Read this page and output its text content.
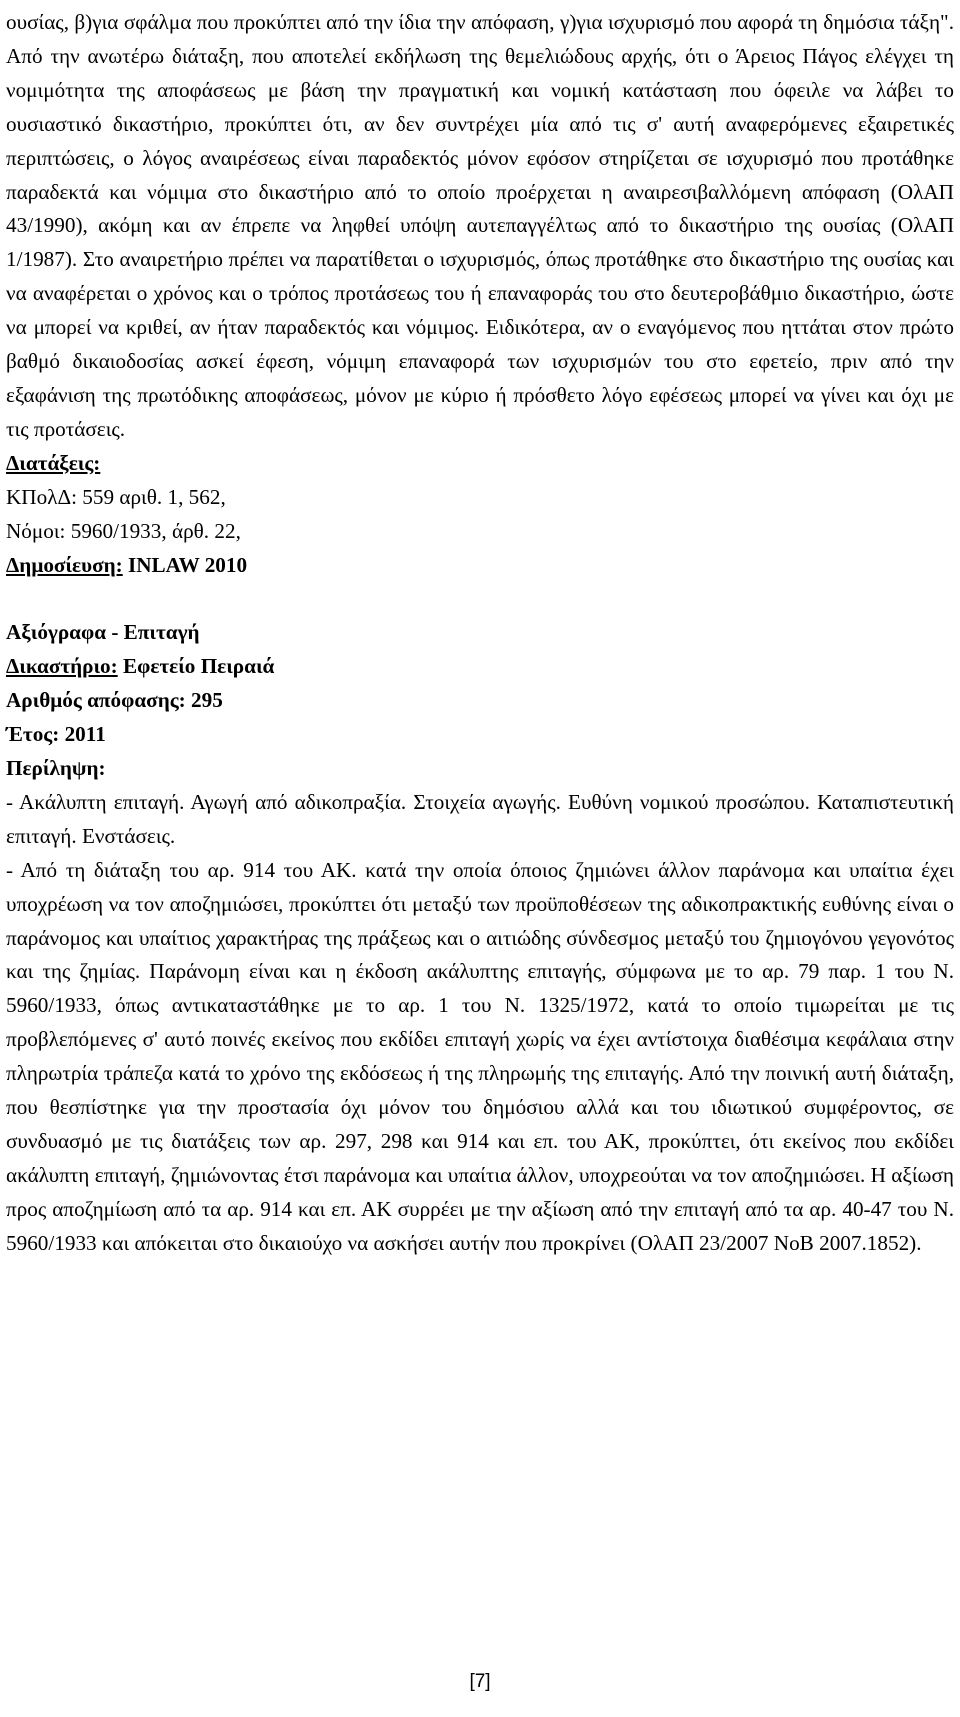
ουσίας, β)για σφάλμα που προκύπτει από την ίδια την απόφαση, γ)για ισχυρισμό που αφορά τη δημόσια τάξη". Από την ανωτέρω διάταξη, που αποτελεί εκδήλωση της θεμελιώδους αρχής, ότι ο Άρειος Πάγος ελέγχει τη νομιμότητα της αποφάσεως με βάση την πραγματική και νομική κατάσταση που όφειλε να λάβει το ουσιαστικό δικαστήριο, προκύπτει ότι, αν δεν συντρέχει μία από τις σ' αυτή αναφερόμενες εξαιρετικές περιπτώσεις, ο λόγος αναιρέσεως είναι παραδεκτός μόνον εφόσον στηρίζεται σε ισχυρισμό που προτάθηκε παραδεκτά και νόμιμα στο δικαστήριο από το οποίο προέρχεται η αναιρεσιβαλλόμενη απόφαση (ΟλΑΠ 43/1990), ακόμη και αν έπρεπε να ληφθεί υπόψη αυτεπαγγέλτως από το δικαστήριο της ουσίας (ΟλΑΠ 1/1987). Στο αναιρετήριο πρέπει να παρατίθεται ο ισχυρισμός, όπως προτάθηκε στο δικαστήριο της ουσίας και να αναφέρεται ο χρόνος και ο τρόπος προτάσεως του ή επαναφοράς του στο δευτεροβάθμιο δικαστήριο, ώστε να μπορεί να κριθεί, αν ήταν παραδεκτός και νόμιμος. Ειδικότερα, αν ο εναγόμενος που ηττάται στον πρώτο βαθμό δικαιοδοσίας ασκεί έφεση, νόμιμη επαναφορά των ισχυρισμών του στο εφετείο, πριν από την εξαφάνιση της πρωτόδικης αποφάσεως, μόνον με κύριο ή πρόσθετο λόγο εφέσεως μπορεί να γίνει και όχι με τις προτάσεις.

Διατάξεις:

ΚΠολΔ: 559 αριθ. 1, 562,

Νόμοι: 5960/1933, άρθ. 22,

Δημοσίευση: INLAW 2010

Αξιόγραφα - Επιταγή

Δικαστήριο: Εφετείο Πειραιά

Αριθμός απόφασης: 295

Έτος: 2011

Περίληψη:

- Ακάλυπτη επιταγή. Αγωγή από αδικοπραξία. Στοιχεία αγωγής. Ευθύνη νομικού προσώπου. Καταπιστευτική επιταγή. Ενστάσεις.

- Από τη διάταξη του αρ. 914 του ΑΚ. κατά την οποία όποιος ζημιώνει άλλον παράνομα και υπαίτια έχει υποχρέωση να τον αποζημιώσει, προκύπτει ότι μεταξύ των προϋποθέσεων της αδικοπρακτικής ευθύνης είναι ο παράνομος και υπαίτιος χαρακτήρας της πράξεως και ο αιτιώδης σύνδεσμος μεταξύ του ζημιογόνου γεγονότος και της ζημίας. Παράνομη είναι και η έκδοση ακάλυπτης επιταγής, σύμφωνα με το αρ. 79 παρ. 1 του Ν. 5960/1933, όπως αντικαταστάθηκε με το αρ. 1 του Ν. 1325/1972, κατά το οποίο τιμωρείται με τις προβλεπόμενες σ' αυτό ποινές εκείνος που εκδίδει επιταγή χωρίς να έχει αντίστοιχα διαθέσιμα κεφάλαια στην πληρωτρία τράπεζα κατά το χρόνο της εκδόσεως ή της πληρωμής της επιταγής. Από την ποινική αυτή διάταξη, που θεσπίστηκε για την προστασία όχι μόνον του δημόσιου αλλά και του ιδιωτικού συμφέροντος, σε συνδυασμό με τις διατάξεις των αρ. 297, 298 και 914 και επ. του ΑΚ, προκύπτει, ότι εκείνος που εκδίδει ακάλυπτη επιταγή, ζημιώνοντας έτσι παράνομα και υπαίτια άλλον, υποχρεούται να τον αποζημιώσει. Η αξίωση προς αποζημίωση από τα αρ. 914 και επ. ΑΚ συρρέει με την αξίωση από την επιταγή από τα αρ. 40-47 του Ν. 5960/1933 και απόκειται στο δικαιούχο να ασκήσει αυτήν που προκρίνει (ΟλΑΠ 23/2007 ΝοΒ 2007.1852).

[7]
